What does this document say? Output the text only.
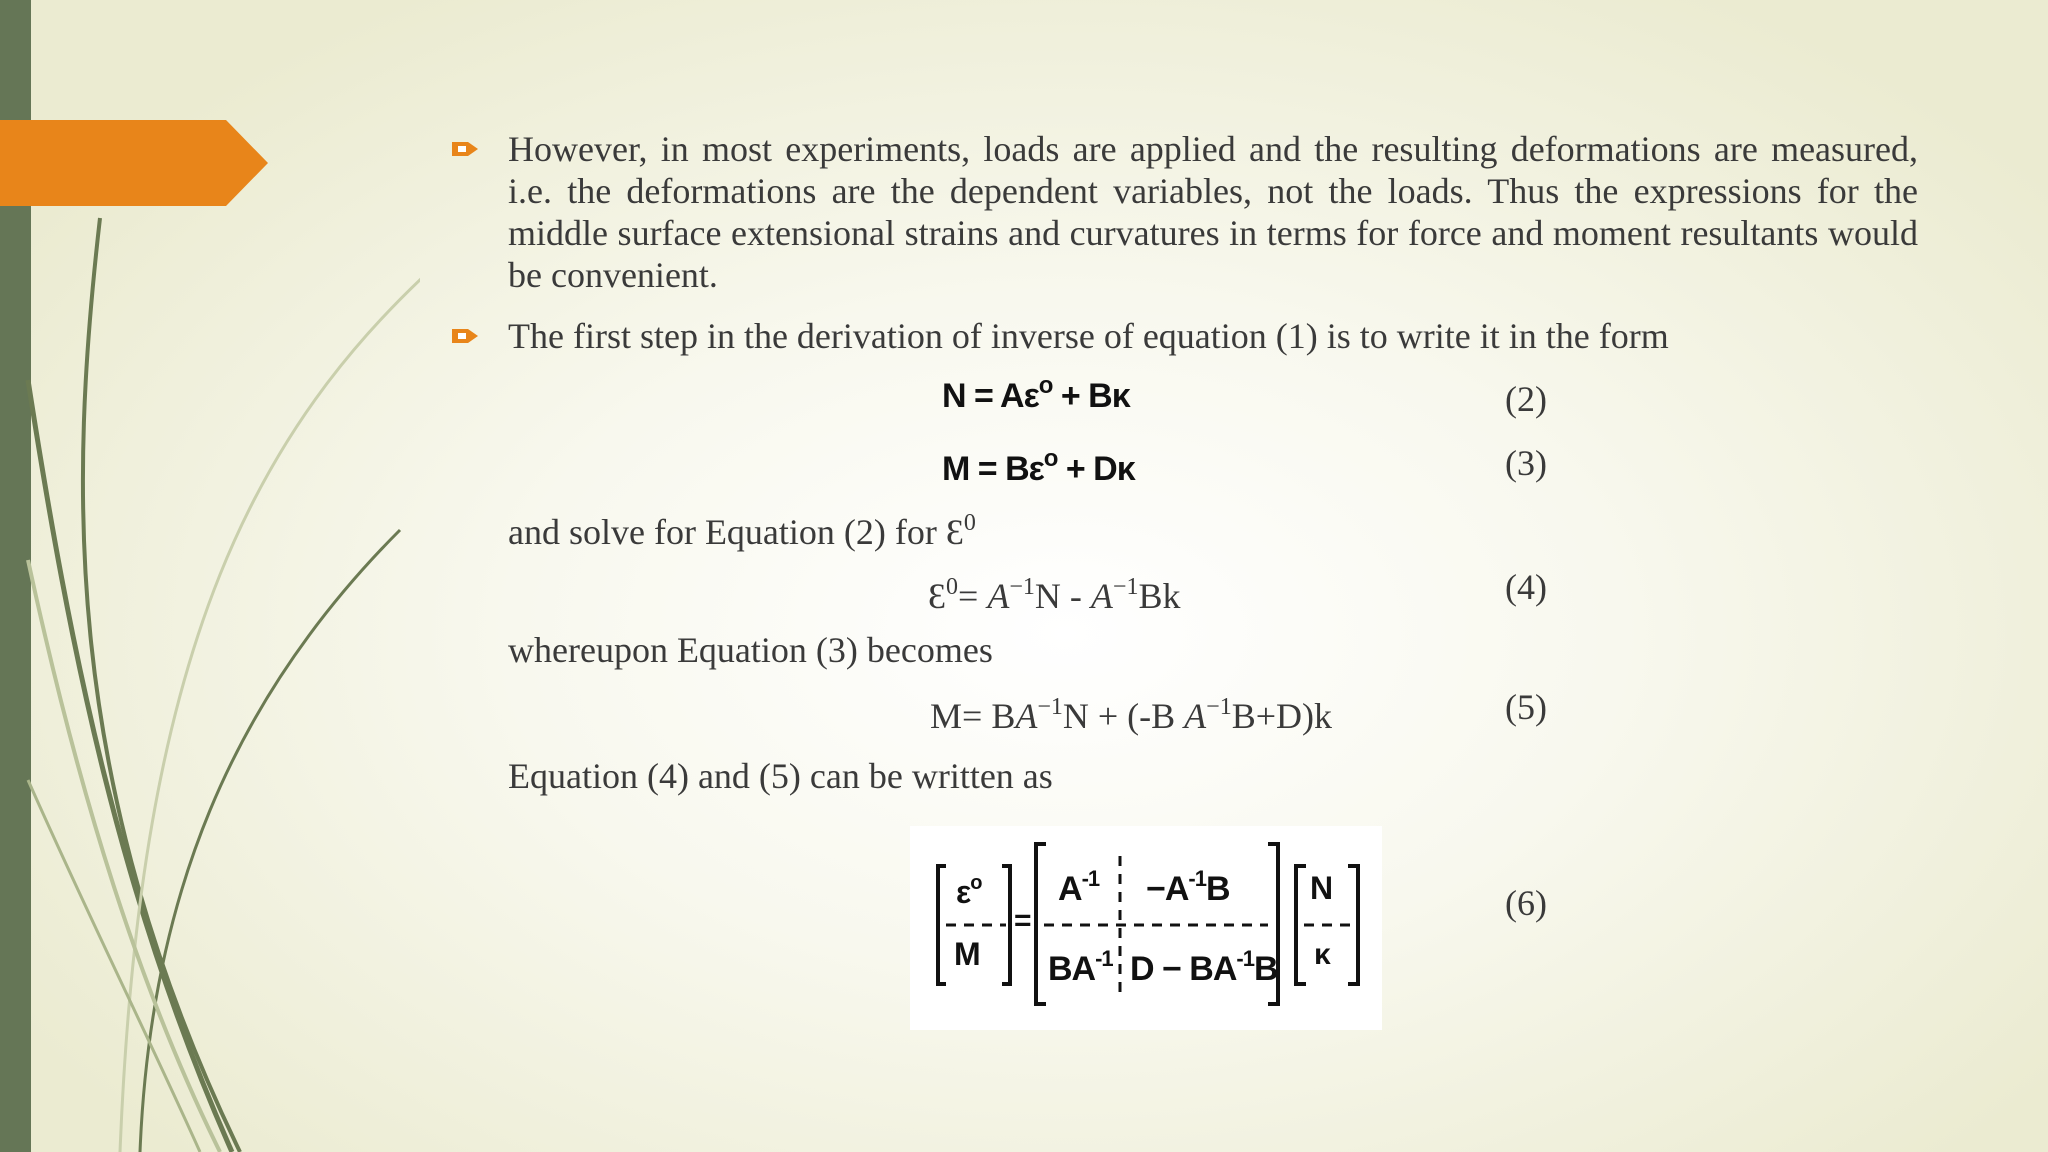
However, in most experiments, loads are applied and the resulting deformations are measured, i.e. the deformations are the dependent variables, not the loads. Thus the expressions for the middle surface extensional strains and curvatures in terms for force and moment resultants would be convenient.
The first step in the derivation of inverse of equation (1) is to write it in the form
$N = A\varepsilon^o + B\kappa$	(2)
$M = B\varepsilon^o + D\kappa$	(3)
and solve for Equation (2) for $Ɛ^0$
$Ɛ^0= A^{-1}N - A^{-1}Bk$	(4)
whereupon Equation (3) becomes
$M= BA^{-1}N + (-B$ $A^{-1}B+D)k$	(5)
Equation (4) and (5) can be written as
$\varepsilon^o$
M
=
$A^{-1} -A^{-1}B$
$BA^{-1}$ $D - BA^{-1}B$
N
κ
(6)
